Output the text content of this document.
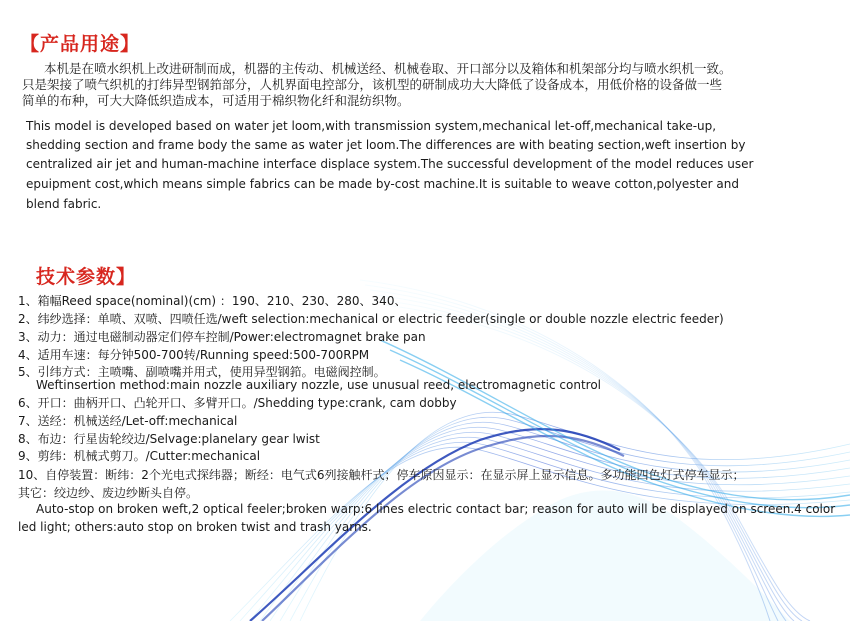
【产品用途】
本机是在喷水织机上改进研制而成，机器的主传动、机械送经、机械卷取、开口部分以及箱体和机架部分均与喷水织机一致。
只是架接了喷气织机的打纬异型钢筘部分，人机界面电控部分，该机型的研制成功大大降低了设备成本，用低价格的设备做一些
简单的布种，可大大降低织造成本，可适用于棉织物化纤和混纺织物。
This model is developed based on water jet loom,with transmission system,mechanical let-off,mechanical take-up,
shedding section and frame body the same as water jet loom.The differences are with beating section,weft insertion by
centralized air jet and human-machine interface displace system.The successful development of the model reduces user
epuipment cost,which means simple fabrics can be made by-cost machine.It is suitable to weave cotton,polyester and
blend fabric.
技术参数】
1、箱幅Reed space(nominal)(cm) ：190、210、230、280、340、
2、纬纱选择：单喷、双喷、四喷任选/weft selection:mechanical or electric feeder(single or double nozzle electric feeder)
3、动力：通过电磁制动器定们停车控制/Power:electromagnet brake pan
4、适用车速：每分钟500-700转/Running speed:500-700RPM
5、引纬方式：主喷嘴、副喷嘴并用式，使用异型钢筘。电磁阀控制。
Weftinsertion method:main nozzle auxiliary nozzle, use unusual reed, electromagnetic control
6、开口：曲柄开口、凸轮开口、多臂开口。/Shedding type:crank, cam dobby
7、送经：机械送经/Let-off:mechanical
8、布边：行星齿轮绞边/Selvage:planelary gear lwist
9、剪纬：机械式剪刀。/Cutter:mechanical
10、自停装置：断纬：2个光电式探纬器；断经：电气式6列接触杆式；停车原因显示：在显示屏上显示信息。多功能四色灯式停车显示；
其它：绞边纱、废边纱断头自停。
Auto-stop on broken weft,2 optical feeler;broken warp:6 lines electric contact bar; reason for auto will be displayed on screen.4 color
led light; others:auto stop on broken twist and trash yarns.
